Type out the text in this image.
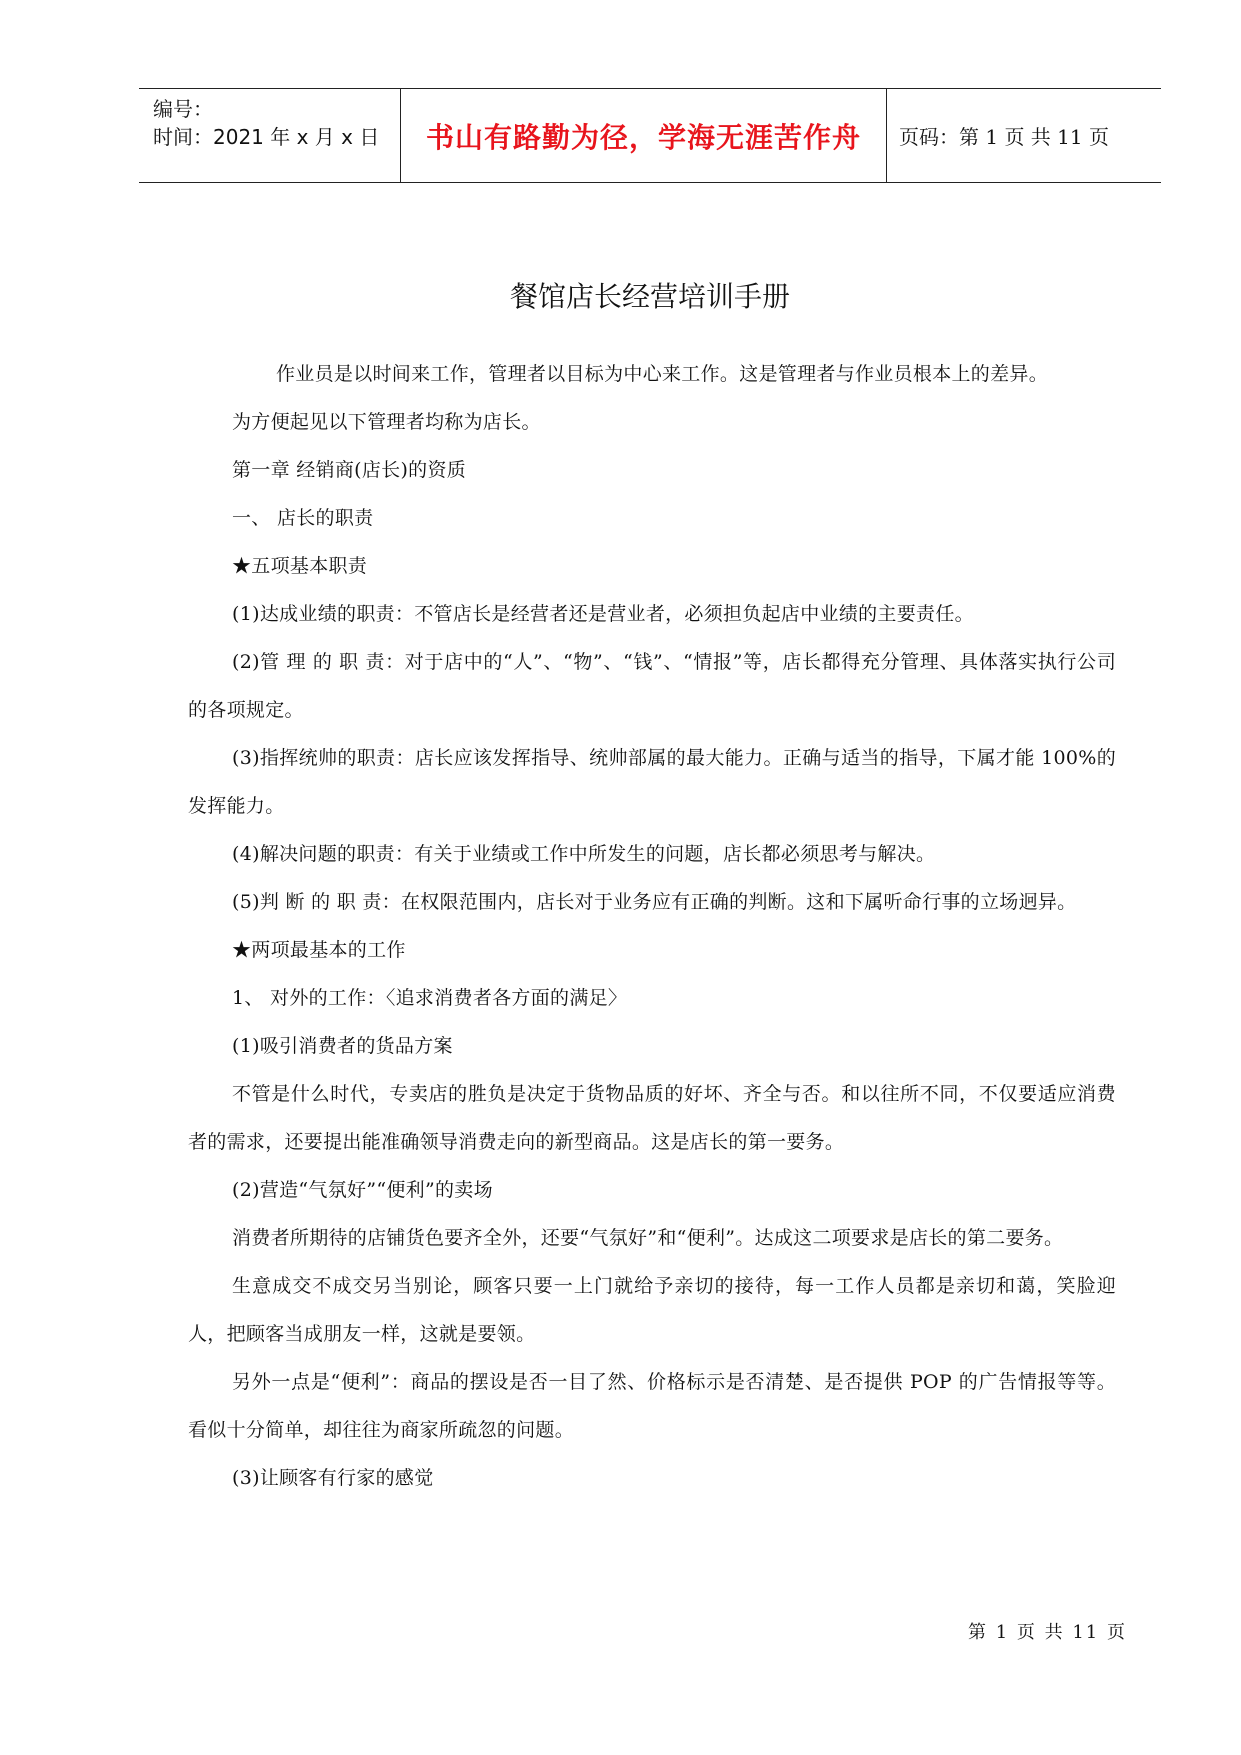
编号：
时间：2021 年 x 月 x 日 书山有路勤为径，学海无涯苦作舟 页码：第 1 页 共 11 页
餐馆店长经营培训手册

作业员是以时间来工作，管理者以目标为中心来工作。这是管理者与作业员根本上的差异。

为方便起见以下管理者均称为店长。

第一章 经销商(店长)的资质

一、 店长的职责

★五项基本职责

(1)达成业绩的职责：不管店长是经营者还是营业者，必须担负起店中业绩的主要责任。

(2)管 理 的 职 责：对于店中的“人”、“物”、“钱”、“情报”等，店长都得充分管理、具体落实执行公司的各项规定。

(3)指挥统帅的职责：店长应该发挥指导、统帅部属的最大能力。正确与适当的指导，下属才能 100%的发挥能力。

(4)解决问题的职责：有关于业绩或工作中所发生的问题，店长都必须思考与解决。

(5)判 断 的 职 责：在权限范围内，店长对于业务应有正确的判断。这和下属听命行事的立场迥异。

★两项最基本的工作

1、 对外的工作：〈追求消费者各方面的满足〉

(1)吸引消费者的货品方案

不管是什么时代，专卖店的胜负是决定于货物品质的好坏、齐全与否。和以往所不同，不仅要适应消费者的需求，还要提出能准确领导消费走向的新型商品。这是店长的第一要务。

(2)营造“气氛好”“便利”的卖场

消费者所期待的店铺货色要齐全外，还要“气氛好”和“便利”。达成这二项要求是店长的第二要务。

生意成交不成交另当别论，顾客只要一上门就给予亲切的接待，每一工作人员都是亲切和蔼，笑脸迎人，把顾客当成朋友一样，这就是要领。

另外一点是“便利”：商品的摆设是否一目了然、价格标示是否清楚、是否提供 POP 的广告情报等等。看似十分简单，却往往为商家所疏忽的问题。

(3)让顾客有行家的感觉

第 1 页 共 11 页
